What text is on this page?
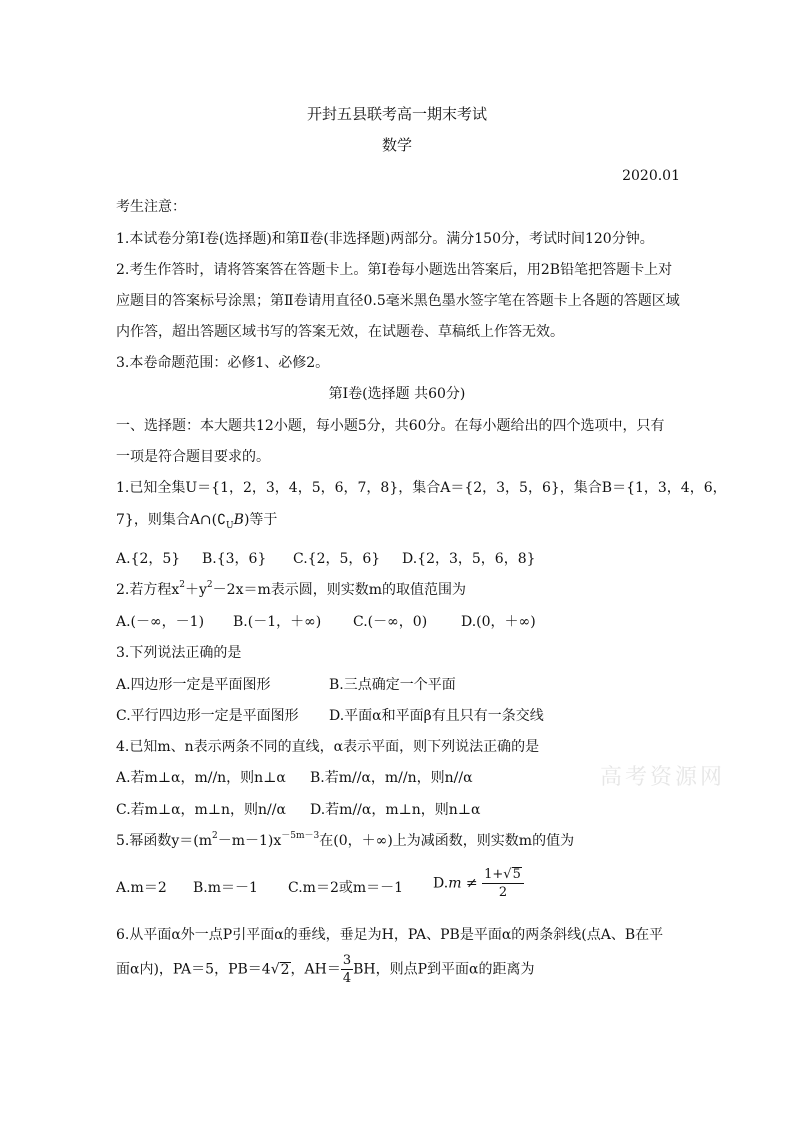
开封五县联考高一期末考试
数学
2020.01
考生注意：
1.本试卷分第Ⅰ卷(选择题)和第Ⅱ卷(非选择题)两部分。满分150分，考试时间120分钟。
2.考生作答时，请将答案答在答题卡上。第Ⅰ卷每小题选出答案后，用2B铅笔把答题卡上对
应题目的答案标号涂黑；第Ⅱ卷请用直径0.5毫米黑色墨水签字笔在答题卡上各题的答题区域
内作答，超出答题区域书写的答案无效，在试题卷、草稿纸上作答无效。
3.本卷命题范围：必修1、必修2。
第Ⅰ卷(选择题 共60分)
一、选择题：本大题共12小题，每小题5分，共60分。在每小题给出的四个选项中，只有
一项是符合题目要求的。
1.已知全集U＝{1，2，3，4，5，6，7，8}，集合A＝{2，3，5，6}，集合B＝{1，3，4，6，
7}，则集合$A\cap(∁_UB)$等于
A.{2，5} B.{3，6} C.{2，5，6} D.{2，3，5，6，8}
2.若方程$x^2+y^2-2x=m$表示圆，则实数m的取值范围为
A.(－∞，－1) B.(－1，＋∞) C.(－∞，0) D.(0，＋∞)
3.下列说法正确的是
A.四边形一定是平面图形	B.三点确定一个平面
C.平行四边形一定是平面图形 D.平面α和平面β有且只有一条交线
4.已知m、n表示两条不同的直线，α表示平面，则下列说法正确的是
A.若m⊥α，m//n，则n⊥α B.若m//α，m//n，则n//α
C.若m⊥α，m⊥n，则n//α D.若m//α，m⊥n，则n⊥α
高考资源网
5.幂函数$y=(m^2-m-1)x^{-5m-3}$在(0，＋∞)上为减函数，则实数m的值为
A.m＝2 B.m＝－1 C.m＝2或m＝－1 $D.m \ne \frac{1+√5}{2}$
6.从平面α外一点P引平面α的垂线，垂足为H，PA、PB是平面α的两条斜线(点A、B在平
面α内)，PA＝5，PB＝4√2，$AH= \frac{3}{4}$ BH，则点P到平面α的距离为
